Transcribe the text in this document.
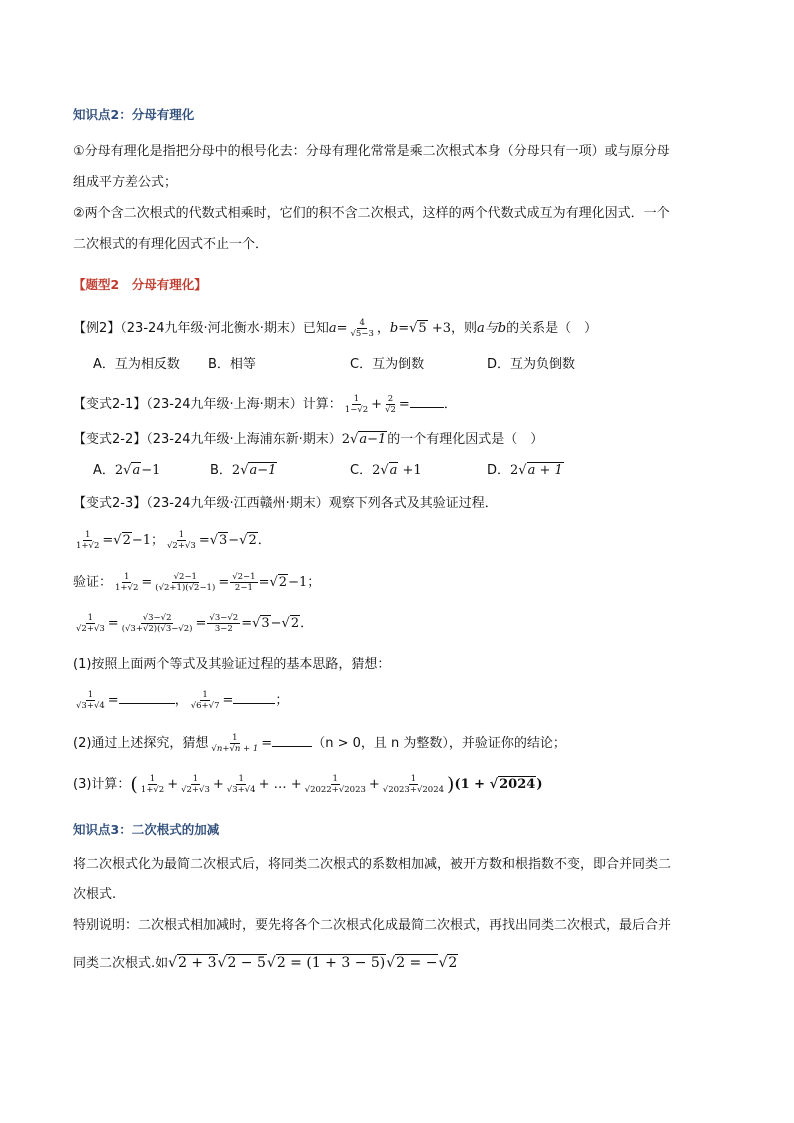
知识点2：分母有理化
①分母有理化是指把分母中的根号化去：分母有理化常常是乘二次根式本身（分母只有一项）或与原分母
组成平方差公式；
②两个含二次根式的代数式相乘时，它们的积不含二次根式，这样的两个代数式成互为有理化因式．一个
二次根式的有理化因式不止一个．
【题型2　分母有理化】
【例2】（23-24九年级·河北衡水·期末）已知$a= \frac{4}{√5-3}$ ，b=√5 +3，则a与b的关系是（　）
A．互为相反数 B．相等	C．互为倒数	D．互为负倒数
【变式2-1】（23-24九年级·上海·期末）计算： $\frac{1}{1-√2} + \frac{2}{√2}$ =	．
【变式2-2】（23-24九年级·上海浦东新·期末）2√a−1的一个有理化因式是（　）
A．2√a−1	B．2√a−1	C．2√a +1	D．2√a + 1
【变式2-3】（23-24九年级·江西赣州·期末）观察下列各式及其验证过程．
$\frac{1}{1+√2} =√2-1$； $\frac{1}{√2+√3} =√3-√2$．
验证： $\frac{1}{1+√2} = \frac{√2-1}{(√2+1)(√2-1)} = \frac{√2-1}{2-1} =√2-1$；
$\frac{1}{√2+√3} = \frac{√3-√2}{(√3+√2)(√3-√2)} = \frac{√3-√2}{3-2} =√3-√2$．
(1)按照上面两个等式及其验证过程的基本思路，猜想：
$\frac{1}{√3+√4}$ =	， $\frac{1}{√6+√7}$ =	；
(2)通过上述探究，猜想 $\frac{1}{√n+√n + 1}$ =	（n > 0，且 n 为整数），并验证你的结论；
(3)计算：( $\frac{1}{1+√2} + \frac{1}{√2+√3} + \frac{1}{√3+√4}$ + … + $\frac{1}{√2022+√2023} + \frac{1}{√2023+√2024} )(1 + √2024)$
知识点3：二次根式的加减
将二次根式化为最简二次根式后，将同类二次根式的系数相加减，被开方数和根指数不变，即合并同类二
次根式.
特别说明：二次根式相加减时，要先将各个二次根式化成最简二次根式，再找出同类二次根式，最后合并
同类二次根式.如√2 + 3√2 − 5√2 = (1 + 3 − 5)√2 = −√2
